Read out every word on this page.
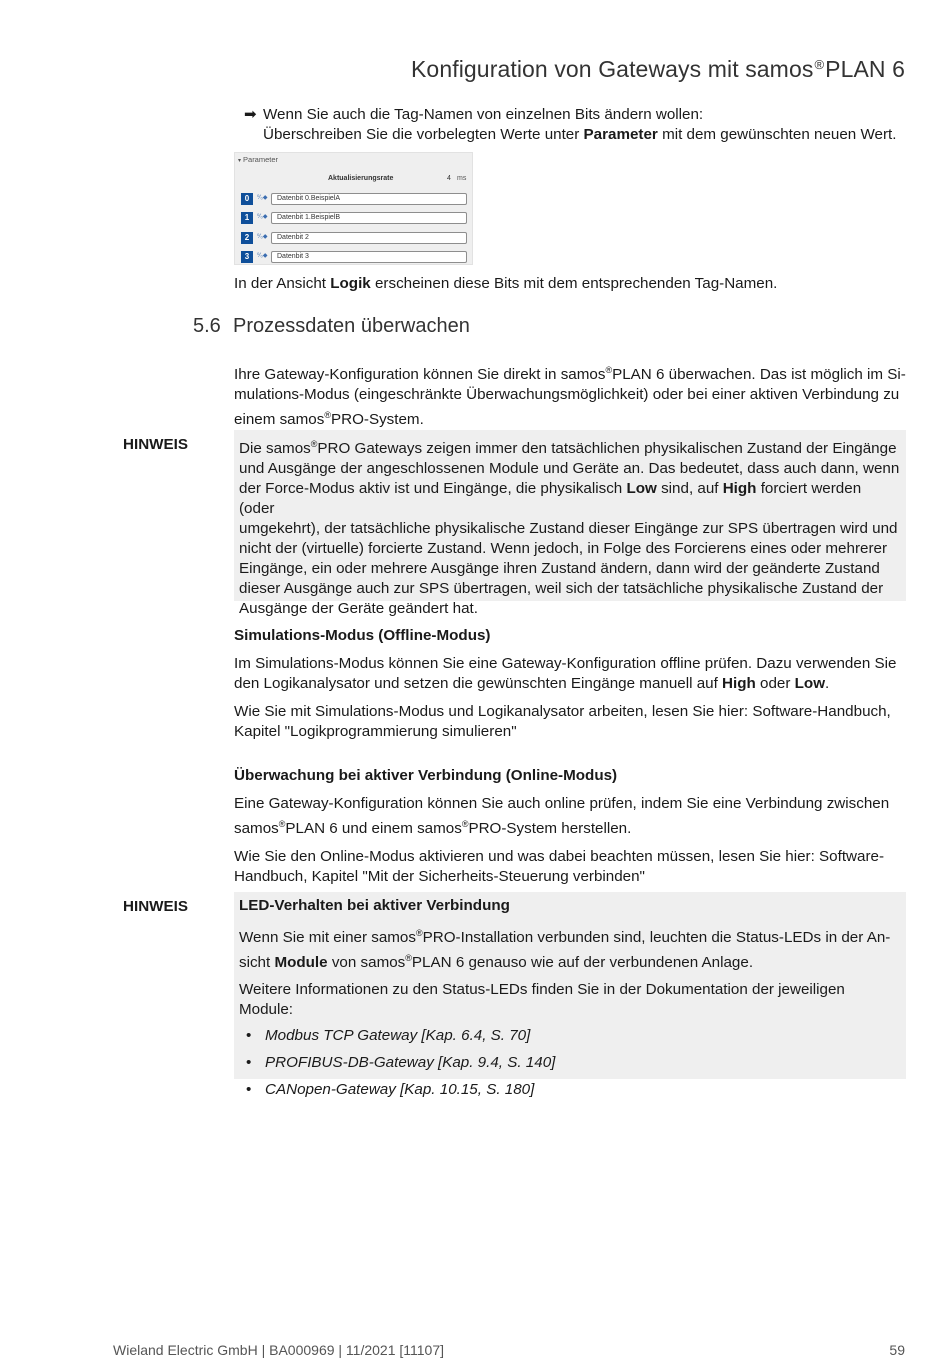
Konfiguration von Gateways mit samos®PLAN 6
➡ Wenn Sie auch die Tag-Namen von einzelnen Bits ändern wollen:
Überschreiben Sie die vorbelegten Werte unter Parameter mit dem gewünschten neuen Wert.
▾ Parameter
Aktualisierungsrate	4 ms
0	⁰⁄₀◆	Datenbit 0.BeispielA
1	⁰⁄₀◆	Datenbit 1.BeispielB
2	⁰⁄₀◆	Datenbit 2
3	⁰⁄₀◆	Datenbit 3
In der Ansicht Logik erscheinen diese Bits mit dem entsprechenden Tag-Namen.
5.6 Prozessdaten überwachen
Ihre Gateway-Konfiguration können Sie direkt in samos®PLAN 6 überwachen. Das ist möglich im Si-
mulations-Modus (eingeschränkte Überwachungsmöglichkeit) oder bei einer aktiven Verbindung zu
einem samos®PRO-System.
HINWEIS	Die samos®PRO Gateways zeigen immer den tatsächlichen physikalischen Zustand der Eingänge
und Ausgänge der angeschlossenen Module und Geräte an. Das bedeutet, dass auch dann, wenn
der Force-Modus aktiv ist und Eingänge, die physikalisch Low sind, auf High forciert werden (oder
umgekehrt), der tatsächliche physikalische Zustand dieser Eingänge zur SPS übertragen wird und
nicht der (virtuelle) forcierte Zustand. Wenn jedoch, in Folge des Forcierens eines oder mehrerer
Eingänge, ein oder mehrere Ausgänge ihren Zustand ändern, dann wird der geänderte Zustand
dieser Ausgänge auch zur SPS übertragen, weil sich der tatsächliche physikalische Zustand der
Ausgänge der Geräte geändert hat.

Simulations-Modus (Offline-Modus)

Im Simulations-Modus können Sie eine Gateway-Konfiguration offline prüfen. Dazu verwenden Sie
den Logikanalysator und setzen die gewünschten Eingänge manuell auf High oder Low.
Wie Sie mit Simulations-Modus und Logikanalysator arbeiten, lesen Sie hier: Software-Handbuch,
Kapitel "Logikprogrammierung simulieren"

Überwachung bei aktiver Verbindung (Online-Modus)

Eine Gateway-Konfiguration können Sie auch online prüfen, indem Sie eine Verbindung zwischen
samos®PLAN 6 und einem samos®PRO-System herstellen.
Wie Sie den Online-Modus aktivieren und was dabei beachten müssen, lesen Sie hier: Software-
Handbuch, Kapitel "Mit der Sicherheits-Steuerung verbinden"
HINWEIS	LED-Verhalten bei aktiver Verbindung

Wenn Sie mit einer samos®PRO-Installation verbunden sind, leuchten die Status-LEDs in der An-
sicht Module von samos®PLAN 6 genauso wie auf der verbundenen Anlage.
Weitere Informationen zu den Status-LEDs finden Sie in der Dokumentation der jeweiligen Module:
• Modbus TCP Gateway [Kap. 6.4, S. 70]
• PROFIBUS-DB-Gateway [Kap. 9.4, S. 140]
• CANopen-Gateway [Kap. 10.15, S. 180]
Wieland Electric GmbH | BA000969 | 11/2021 [11107]	59
